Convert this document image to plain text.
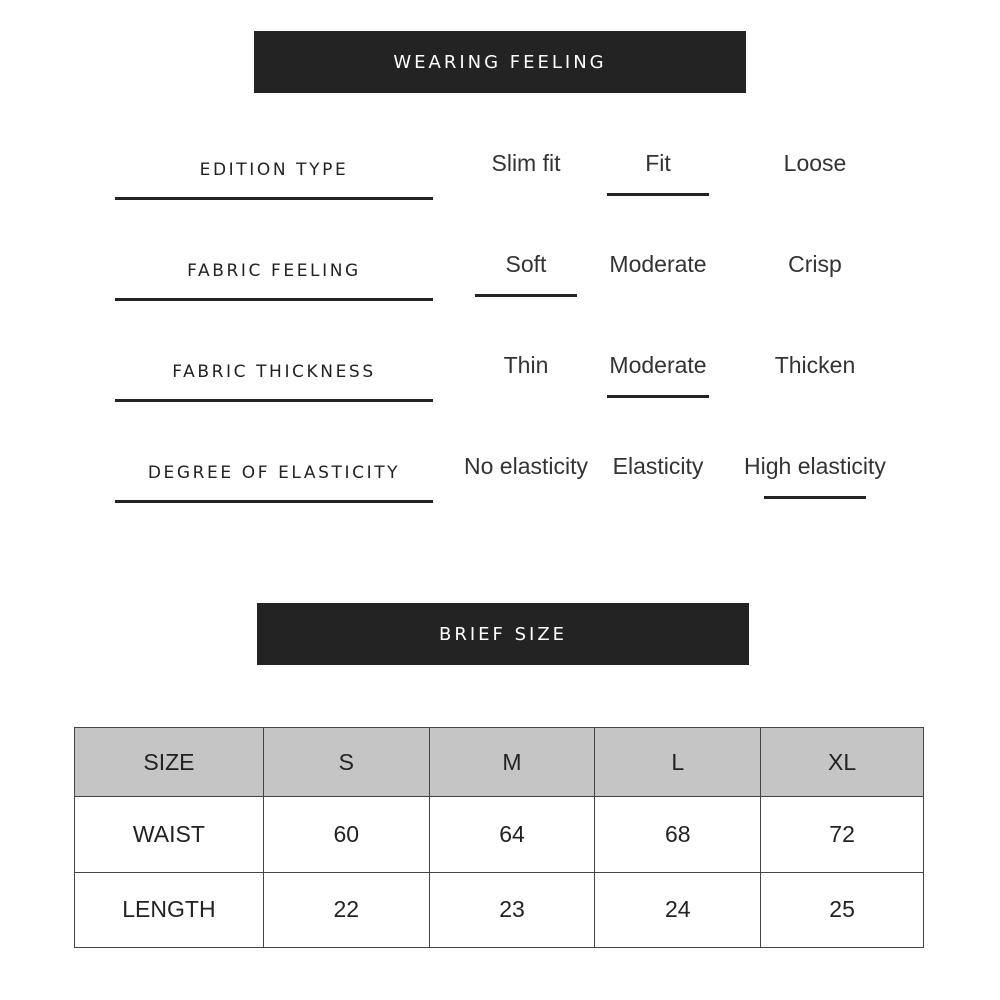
WEARING FEELING
EDITION TYPE	Slim fit	Fit	Loose
FABRIC FEELING	Soft	Moderate	Crisp
FABRIC THICKNESS	Thin	Moderate	Thicken
DEGREE OF ELASTICITY	No elasticity	Elasticity	High elasticity
BRIEF SIZE
SIZE	S	M	L	XL
WAIST	60	64	68	72
LENGTH	22	23	24	25
